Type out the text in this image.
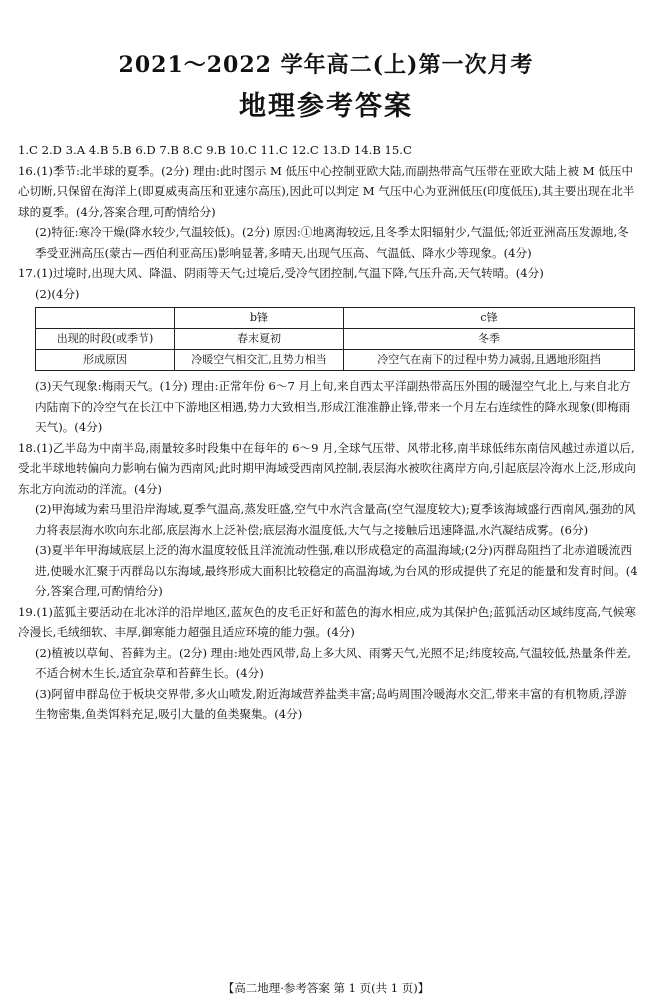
2021～2022 学年高二(上)第一次月考
地理参考答案

1.C 2.D 3.A 4.B 5.B 6.D 7.B 8.C 9.B 10.C 11.C 12.C 13.D 14.B 15.C

16.(1)季节:北半球的夏季。(2分) 理由:此时图示 M 低压中心控制亚欧大陆,而副热带高气压带在亚欧大陆上被 M 低压中心切断,只保留在海洋上(即夏威夷高压和亚速尔高压),因此可以判定 M 气压中心为亚洲低压(印度低压),其主要出现在北半球的夏季。(4分,答案合理,可酌情给分)

(2)特征:寒冷干燥(降水较少,气温较低)。(2分) 原因:①地离海较远,且冬季太阳辐射少,气温低;邻近亚洲高压发源地,冬季受亚洲高压(蒙古—西伯利亚高压)影响显著,多晴天,出现气压高、气温低、降水少等现象。(4分)

17.(1)过境时,出现大风、降温、阴雨等天气;过境后,受冷气团控制,气温下降,气压升高,天气转晴。(4分)

(2)(4分)

	b锋	c锋
出现的时段(或季节)	春末夏初	冬季
形成原因	冷暖空气相交汇,且势力相当	冷空气在南下的过程中势力减弱,且遇地形阻挡

(3)天气现象:梅雨天气。(1分) 理由:正常年份 6～7 月上旬,来自西太平洋副热带高压外围的暖湿空气北上,与来自北方内陆南下的冷空气在长江中下游地区相遇,势力大致相当,形成江淮准静止锋,带来一个月左右连续性的降水现象(即梅雨天气)。(4分)

18.(1)乙半岛为中南半岛,雨量较多时段集中在每年的 6～9 月,全球气压带、风带北移,南半球低纬东南信风越过赤道以后,受北半球地转偏向力影响右偏为西南风;此时期甲海域受西南风控制,表层海水被吹往离岸方向,引起底层冷海水上泛,形成向东北方向流动的洋流。(4分)

(2)甲海域为索马里沿岸海域,夏季气温高,蒸发旺盛,空气中水汽含量高(空气湿度较大);夏季该海域盛行西南风,强劲的风力将表层海水吹向东北部,底层海水上泛补偿;底层海水温度低,大气与之接触后迅速降温,水汽凝结成雾。(6分)

(3)夏半年甲海域底层上泛的海水温度较低且洋流流动性强,难以形成稳定的高温海域;(2分)丙群岛阻挡了北赤道暖流西进,使暖水汇聚于丙群岛以东海域,最终形成大面积比较稳定的高温海域,为台风的形成提供了充足的能量和发育时间。(4分,答案合理,可酌情给分)

19.(1)蓝狐主要活动在北冰洋的沿岸地区,蓝灰色的皮毛正好和蓝色的海水相应,成为其保护色;蓝狐活动区域纬度高,气候寒冷漫长,毛绒细软、丰厚,御寒能力超强且适应环境的能力强。(4分)

(2)植被以草甸、苔藓为主。(2分) 理由:地处西风带,岛上多大风、雨雾天气,光照不足;纬度较高,气温较低,热量条件差,不适合树木生长,适宜杂草和苔藓生长。(4分)

(3)阿留申群岛位于板块交界带,多火山喷发,附近海域营养盐类丰富;岛屿周围冷暖海水交汇,带来丰富的有机物质,浮游生物密集,鱼类饵料充足,吸引大量的鱼类聚集。(4分)

【高二地理·参考答案 第 1 页(共 1 页)】
